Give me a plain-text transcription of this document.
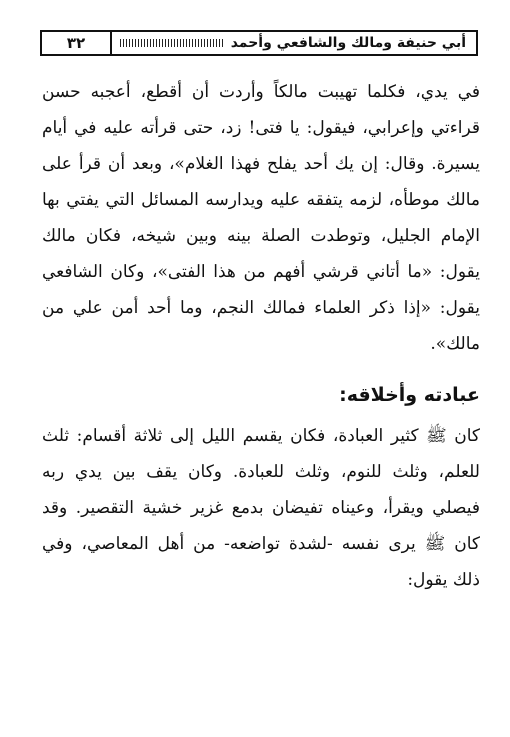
أبي حنيفة ومالك والشافعي وأحمد
٣٢

في يدي، فكلما تهيبت مالكاً وأردت أن أقطع، أعجبه حسن قراءتي وإعرابي، فيقول: يا فتى! زد، حتى قرأته عليه في أيام يسيرة. وقال: إن يك أحد يفلح فهذا الغلام»، وبعد أن قرأ على مالك موطأه، لزمه يتفقه عليه ويدارسه المسائل التي يفتي بها الإمام الجليل، وتوطدت الصلة بينه وبين شيخه، فكان مالك يقول: «ما أتاني قرشي أفهم من هذا الفتى»، وكان الشافعي يقول: «إذا ذكر العلماء فمالك النجم، وما أحد أمن علي من مالك».

عبادته وأخلاقه:

كان ﷺ كثير العبادة، فكان يقسم الليل إلى ثلاثة أقسام: ثلث للعلم، وثلث للنوم، وثلث للعبادة. وكان يقف بين يدي ربه فيصلي ويقرأ، وعيناه تفيضان بدمع غزير خشية التقصير. وقد كان ﷺ يرى نفسه -لشدة تواضعه- من أهل المعاصي، وفي ذلك يقول:
